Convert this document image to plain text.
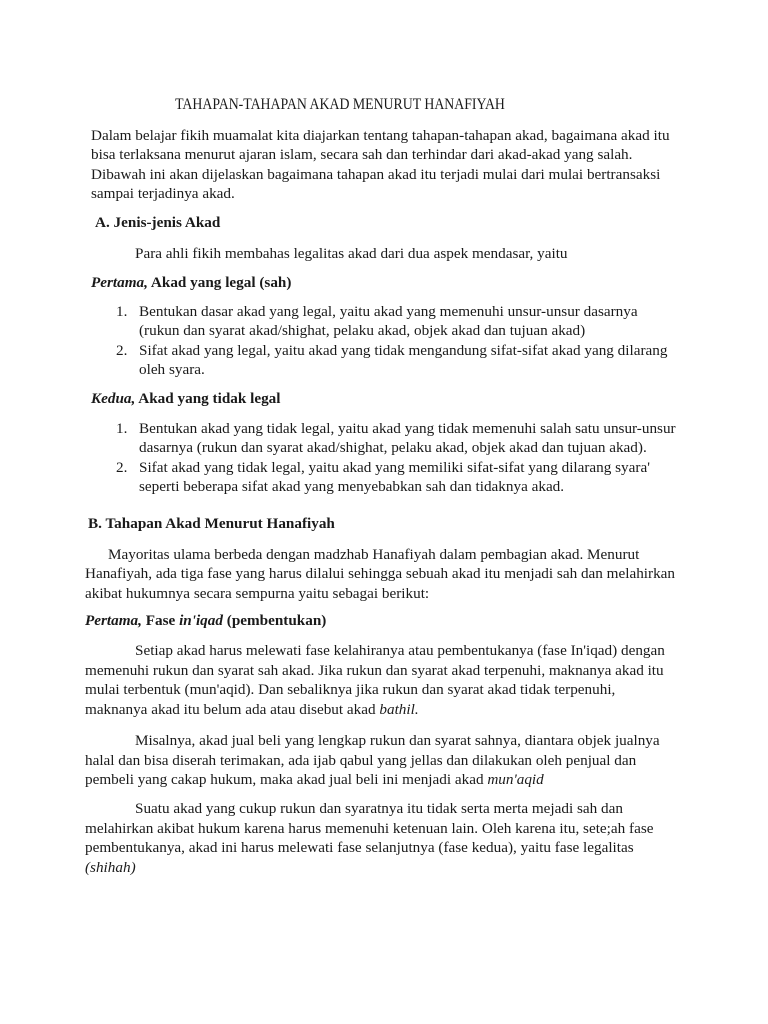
TAHAPAN-TAHAPAN AKAD MENURUT HANAFIYAH
Dalam belajar fikih muamalat kita diajarkan tentang tahapan-tahapan akad, bagaimana akad itu
bisa terlaksana menurut ajaran islam, secara sah dan terhindar dari akad-akad yang salah.
Dibawah ini akan dijelaskan bagaimana tahapan akad itu terjadi mulai dari mulai bertransaksi
sampai terjadinya akad.
A. Jenis-jenis Akad
Para ahli fikih membahas legalitas akad dari dua aspek mendasar, yaitu
Pertama, Akad yang legal (sah)
1. Bentukan dasar akad yang legal, yaitu akad yang memenuhi unsur-unsur dasarnya
(rukun dan syarat akad/shighat, pelaku akad, objek akad dan tujuan akad)
2. Sifat akad yang legal, yaitu akad yang tidak mengandung sifat-sifat akad yang dilarang
oleh syara.
Kedua, Akad yang tidak legal
1. Bentukan akad yang tidak legal, yaitu akad yang tidak memenuhi salah satu unsur-unsur
dasarnya (rukun dan syarat akad/shighat, pelaku akad, objek akad dan tujuan akad).
2. Sifat akad yang tidak legal, yaitu akad yang memiliki sifat-sifat yang dilarang syara'
seperti beberapa sifat akad yang menyebabkan sah dan tidaknya akad.
B. Tahapan Akad Menurut Hanafiyah
Mayoritas ulama berbeda dengan madzhab Hanafiyah dalam pembagian akad. Menurut
Hanafiyah, ada tiga fase yang harus dilalui sehingga sebuah akad itu menjadi sah dan melahirkan
akibat hukumnya secara sempurna yaitu sebagai berikut:
Pertama, Fase in'iqad (pembentukan)
Setiap akad harus melewati fase kelahiranya atau pembentukanya (fase In'iqad) dengan
memenuhi rukun dan syarat sah akad. Jika rukun dan syarat akad terpenuhi, maknanya akad itu
mulai terbentuk (mun'aqid). Dan sebaliknya jika rukun dan syarat akad tidak terpenuhi,
maknanya akad itu belum ada atau disebut akad bathil.
Misalnya, akad jual beli yang lengkap rukun dan syarat sahnya, diantara objek jualnya
halal dan bisa diserah terimakan, ada ijab qabul yang jellas dan dilakukan oleh penjual dan
pembeli yang cakap hukum, maka akad jual beli ini menjadi akad mun'aqid
Suatu akad yang cukup rukun dan syaratnya itu tidak serta merta mejadi sah dan
melahirkan akibat hukum karena harus memenuhi ketenuan lain. Oleh karena itu, sete;ah fase
pembentukanya, akad ini harus melewati fase selanjutnya (fase kedua), yaitu fase legalitas
(shihah)
